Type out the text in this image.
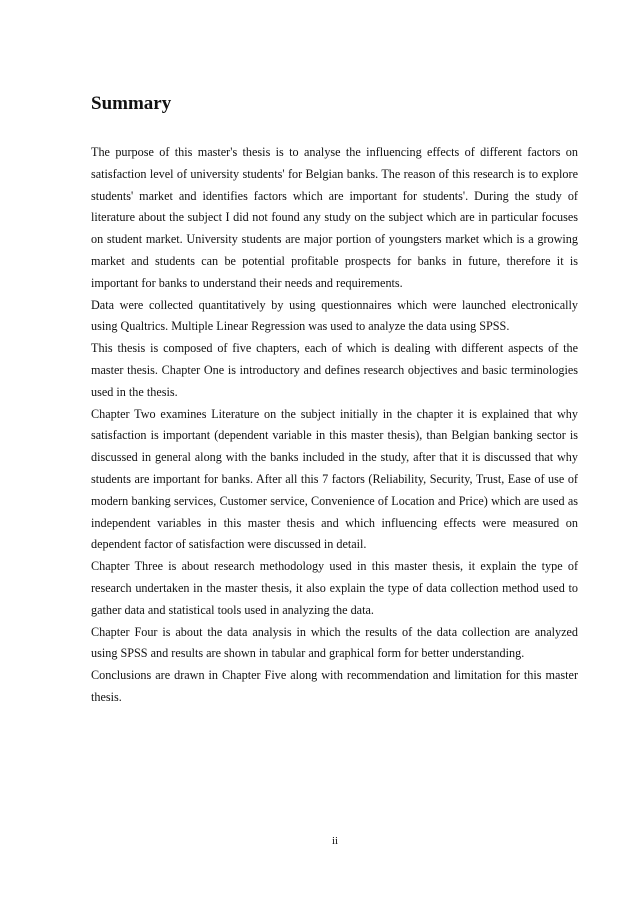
Summary

The purpose of this master's thesis is to analyse the influencing effects of different factors on satisfaction level of university students' for Belgian banks. The reason of this research is to explore students' market and identifies factors which are important for students'. During the study of literature about the subject I did not found any study on the subject which are in particular focuses on student market. University students are major portion of youngsters market which is a growing market and students can be potential profitable prospects for banks in future, therefore it is important for banks to understand their needs and requirements.

Data were collected quantitatively by using questionnaires which were launched electronically using Qualtrics. Multiple Linear Regression was used to analyze the data using SPSS.

This thesis is composed of five chapters, each of which is dealing with different aspects of the master thesis. Chapter One is introductory and defines research objectives and basic terminologies used in the thesis.

Chapter Two examines Literature on the subject initially in the chapter it is explained that why satisfaction is important (dependent variable in this master thesis), than Belgian banking sector is discussed in general along with the banks included in the study, after that it is discussed that why students are important for banks. After all this 7 factors (Reliability, Security, Trust, Ease of use of modern banking services, Customer service, Convenience of Location and Price) which are used as independent variables in this master thesis and which influencing effects were measured on dependent factor of satisfaction were discussed in detail.

Chapter Three is about research methodology used in this master thesis, it explain the type of research undertaken in the master thesis, it also explain the type of data collection method used to gather data and statistical tools used in analyzing the data.

Chapter Four is about the data analysis in which the results of the data collection are analyzed using SPSS and results are shown in tabular and graphical form for better understanding.

Conclusions are drawn in Chapter Five along with recommendation and limitation for this master thesis.

ii
